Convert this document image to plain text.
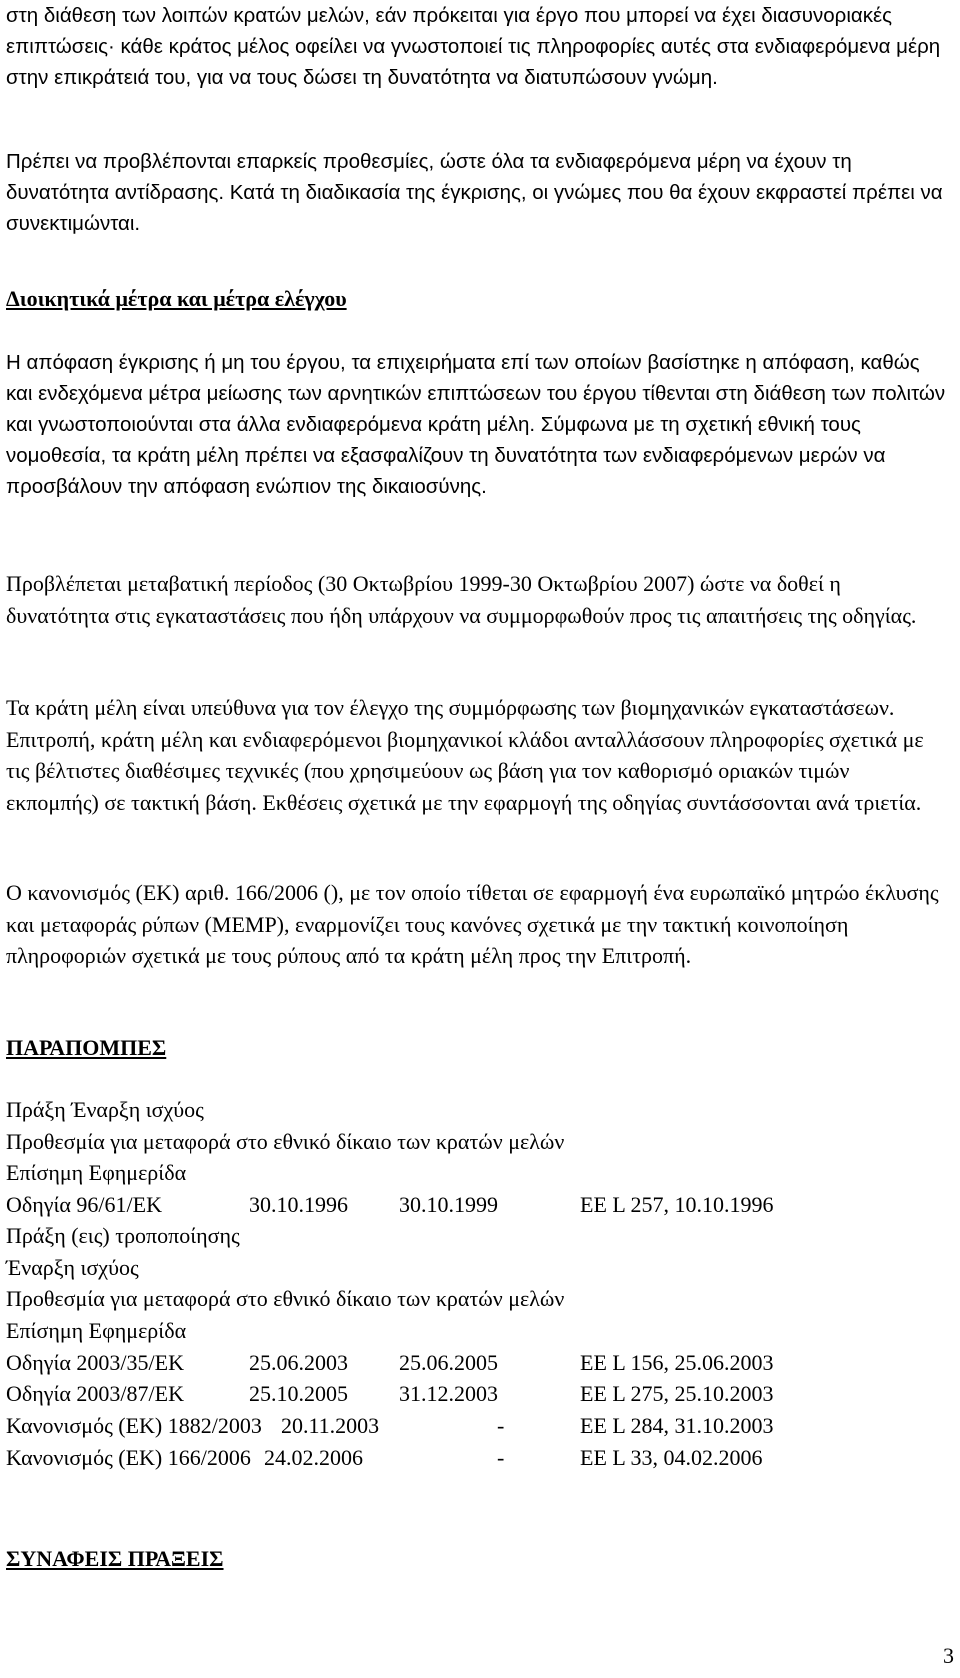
στη διάθεση των λοιπών κρατών μελών, εάν πρόκειται για έργο που μπορεί να έχει διασυνοριακές επιπτώσεις· κάθε κράτος μέλος οφείλει να γνωστοποιεί τις πληροφορίες αυτές στα ενδιαφερόμενα μέρη στην επικράτειά του, για να τους δώσει τη δυνατότητα να διατυπώσουν γνώμη.

Πρέπει να προβλέπονται επαρκείς προθεσμίες, ώστε όλα τα ενδιαφερόμενα μέρη να έχουν τη δυνατότητα αντίδρασης. Κατά τη διαδικασία της έγκρισης, οι γνώμες που θα έχουν εκφραστεί πρέπει να συνεκτιμώνται.

Διοικητικά μέτρα και μέτρα ελέγχου

Η απόφαση έγκρισης ή μη του έργου, τα επιχειρήματα επί των οποίων βασίστηκε η απόφαση, καθώς και ενδεχόμενα μέτρα μείωσης των αρνητικών επιπτώσεων του έργου τίθενται στη διάθεση των πολιτών και γνωστοποιούνται στα άλλα ενδιαφερόμενα κράτη μέλη. Σύμφωνα με τη σχετική εθνική τους νομοθεσία, τα κράτη μέλη πρέπει να εξασφαλίζουν τη δυνατότητα των ενδιαφερόμενων μερών να προσβάλουν την απόφαση ενώπιον της δικαιοσύνης.

Προβλέπεται μεταβατική περίοδος (30 Οκτωβρίου 1999-30 Οκτωβρίου 2007) ώστε να δοθεί η δυνατότητα στις εγκαταστάσεις που ήδη υπάρχουν να συμμορφωθούν προς τις απαιτήσεις της οδηγίας.

Τα κράτη μέλη είναι υπεύθυνα για τον έλεγχο της συμμόρφωσης των βιομηχανικών εγκαταστάσεων. Επιτροπή, κράτη μέλη και ενδιαφερόμενοι βιομηχανικοί κλάδοι ανταλλάσσουν πληροφορίες σχετικά με τις βέλτιστες διαθέσιμες τεχνικές (που χρησιμεύουν ως βάση για τον καθορισμό οριακών τιμών εκπομπής) σε τακτική βάση. Εκθέσεις σχετικά με την εφαρμογή της οδηγίας συντάσσονται ανά τριετία.

Ο κανονισμός (ΕΚ) αριθ. 166/2006 (), με τον οποίο τίθεται σε εφαρμογή ένα ευρωπαϊκό μητρώο έκλυσης και μεταφοράς ρύπων (ΜΕΜΡ), εναρμονίζει τους κανόνες σχετικά με την τακτική κοινοποίηση πληροφοριών σχετικά με τους ρύπους από τα κράτη μέλη προς την Επιτροπή.

ΠΑΡΑΠΟΜΠΕΣ

Πράξη Έναρξη ισχύος
Προθεσμία για μεταφορά στο εθνικό δίκαιο των κρατών μελών
Επίσημη Εφημερίδα
Οδηγία 96/61/ΕΚ	30.10.1996 30.10.1999	ΕΕ L 257, 10.10.1996
Πράξη (εις) τροποποίησης
Έναρξη ισχύος
Προθεσμία για μεταφορά στο εθνικό δίκαιο των κρατών μελών
Επίσημη Εφημερίδα
Οδηγία 2003/35/ΕΚ	25.06.2003 25.06.2005	ΕΕ L 156, 25.06.2003
Οδηγία 2003/87/ΕΚ	25.10.2005 31.12.2003	ΕΕ L 275, 25.10.2003
Κανονισμός (ΕΚ) 1882/2003 20.11.2003	-	ΕΕ L 284, 31.10.2003
Κανονισμός (ΕΚ) 166/2006 24.02.2006	-	ΕΕ L 33, 04.02.2006

ΣΥΝΑΦΕΙΣ ΠΡΑΞΕΙΣ

3
